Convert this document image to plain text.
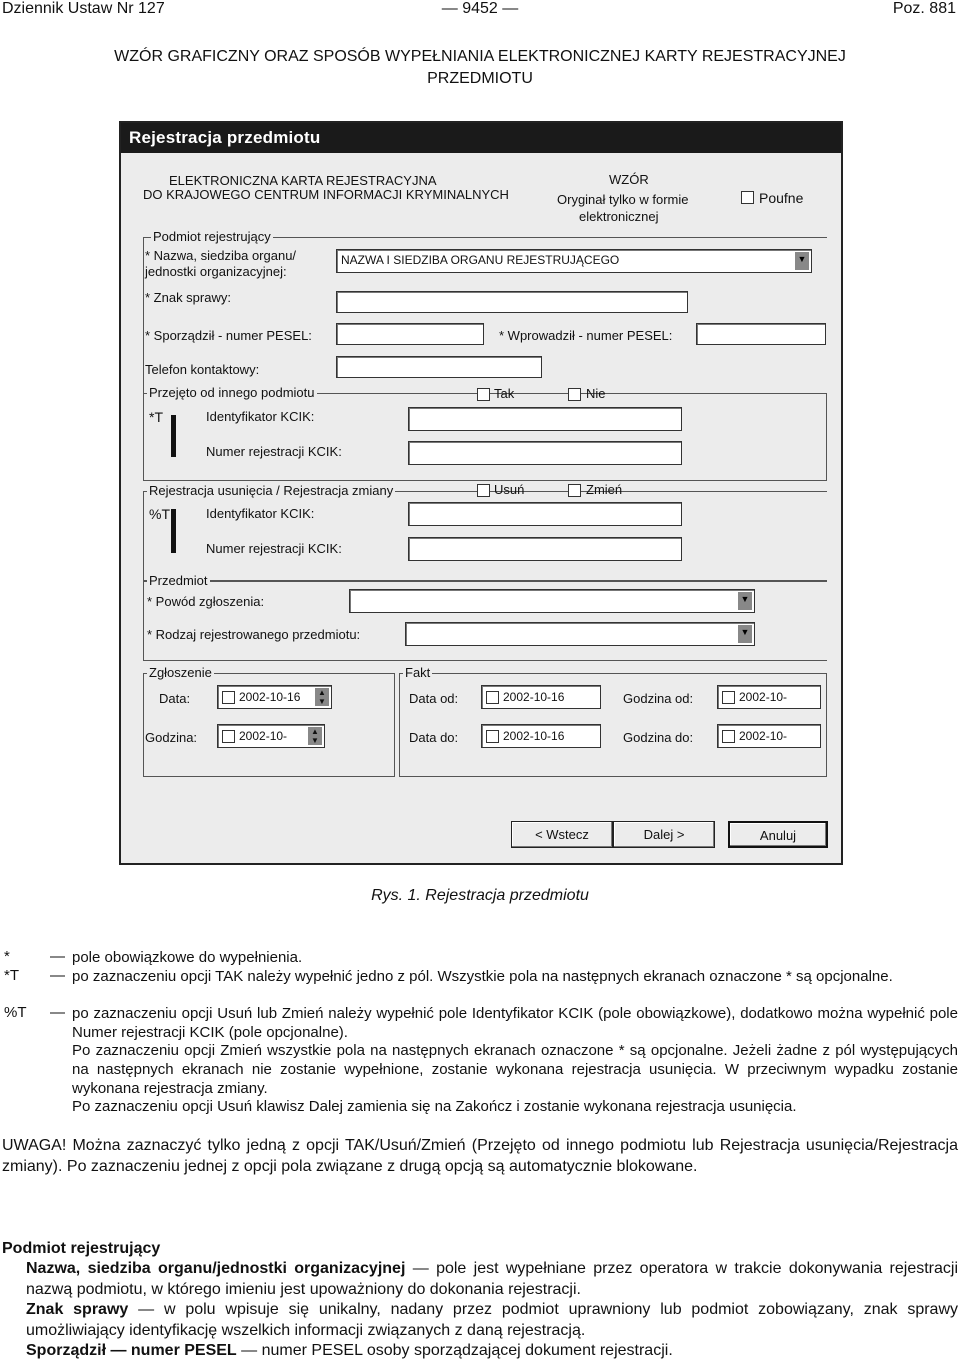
Dziennik Ustaw Nr 127	— 9452 —	Poz. 881
WZÓR GRAFICZNY ORAZ SPOSÓB WYPEŁNIANIA ELEKTRONICZNEJ KARTY REJESTRACYJNEJ
PRZEDMIOTU
Rejestracja przedmiotu
ELEKTRONICZNA KARTA REJESTRACYJNA
DO KRAJOWEGO CENTRUM INFORMACJI KRYMINALNYCH
WZÓR
Oryginał tylko w formie
elektronicznej
Poufne
Podmiot rejestrujący
* Nazwa, siedziba organu/
jednostki organizacyjnej:
NAZWA I SIEDZIBA ORGANU REJESTRUJĄCEGO	▼
* Znak sprawy:
* Sporządził - numer PESEL:	* Wprowadził - numer PESEL:
Telefon kontaktowy:
Przejęto od innego podmiotu	Tak	Nie
*T	Identyfikator KCIK:
Numer rejestracji KCIK:
Rejestracja usunięcia / Rejestracja zmiany	Usuń	Zmień
%T	Identyfikator KCIK:
Numer rejestracji KCIK:
Przedmiot
* Powód zgłoszenia:	▼
* Rodzaj rejestrowanego przedmiotu:	▼
Zgłoszenie
Data:	2002-10-16	▲
▼
Godzina:	2002-10-	▲
▼
Fakt
Data od:	2002-10-16	Godzina od:	2002-10-
Data do:	2002-10-16	Godzina do:	2002-10-
< Wstecz	Dalej >	Anuluj
Rys. 1. Rejestracja przedmiotu
*	— pole obowiązkowe do wypełnienia.
*T — po zaznaczeniu opcji TAK należy wypełnić jedno z pól. Wszystkie pola na następnych ekranach oznaczone * są opcjonalne.
%T — po zaznaczeniu opcji Usuń lub Zmień należy wypełnić pole Identyfikator KCIK (pole obowiązkowe), dodatkowo można wypełnić pole Numer rejestracji KCIK (pole opcjonalne).
Po zaznaczeniu opcji Zmień wszystkie pola na następnych ekranach oznaczone * są opcjonalne. Jeżeli żadne z pól występujących na następnych ekranach nie zostanie wypełnione, zostanie wykonana rejestracja usunięcia. W przeciwnym wypadku zostanie wykonana rejestracja zmiany.
Po zaznaczeniu opcji Usuń klawisz Dalej zamienia się na Zakończ i zostanie wykonana rejestracja usunięcia.
UWAGA! Można zaznaczyć tylko jedną z opcji TAK/Usuń/Zmień (Przejęto od innego podmiotu lub Rejestracja usunięcia/Rejestracja zmiany). Po zaznaczeniu jednej z opcji pola związane z drugą opcją są automatycznie blokowane.
Podmiot rejestrujący
Nazwa, siedziba organu/jednostki organizacyjnej — pole jest wypełniane przez operatora w trakcie dokonywania rejestracji nazwą podmiotu, w którego imieniu jest upoważniony do dokonania rejestracji.
Znak sprawy — w polu wpisuje się unikalny, nadany przez podmiot uprawniony lub podmiot zobowiązany, znak sprawy umożliwiający identyfikację wszelkich informacji związanych z daną rejestracją.
Sporządził — numer PESEL — numer PESEL osoby sporządzającej dokument rejestracji.
